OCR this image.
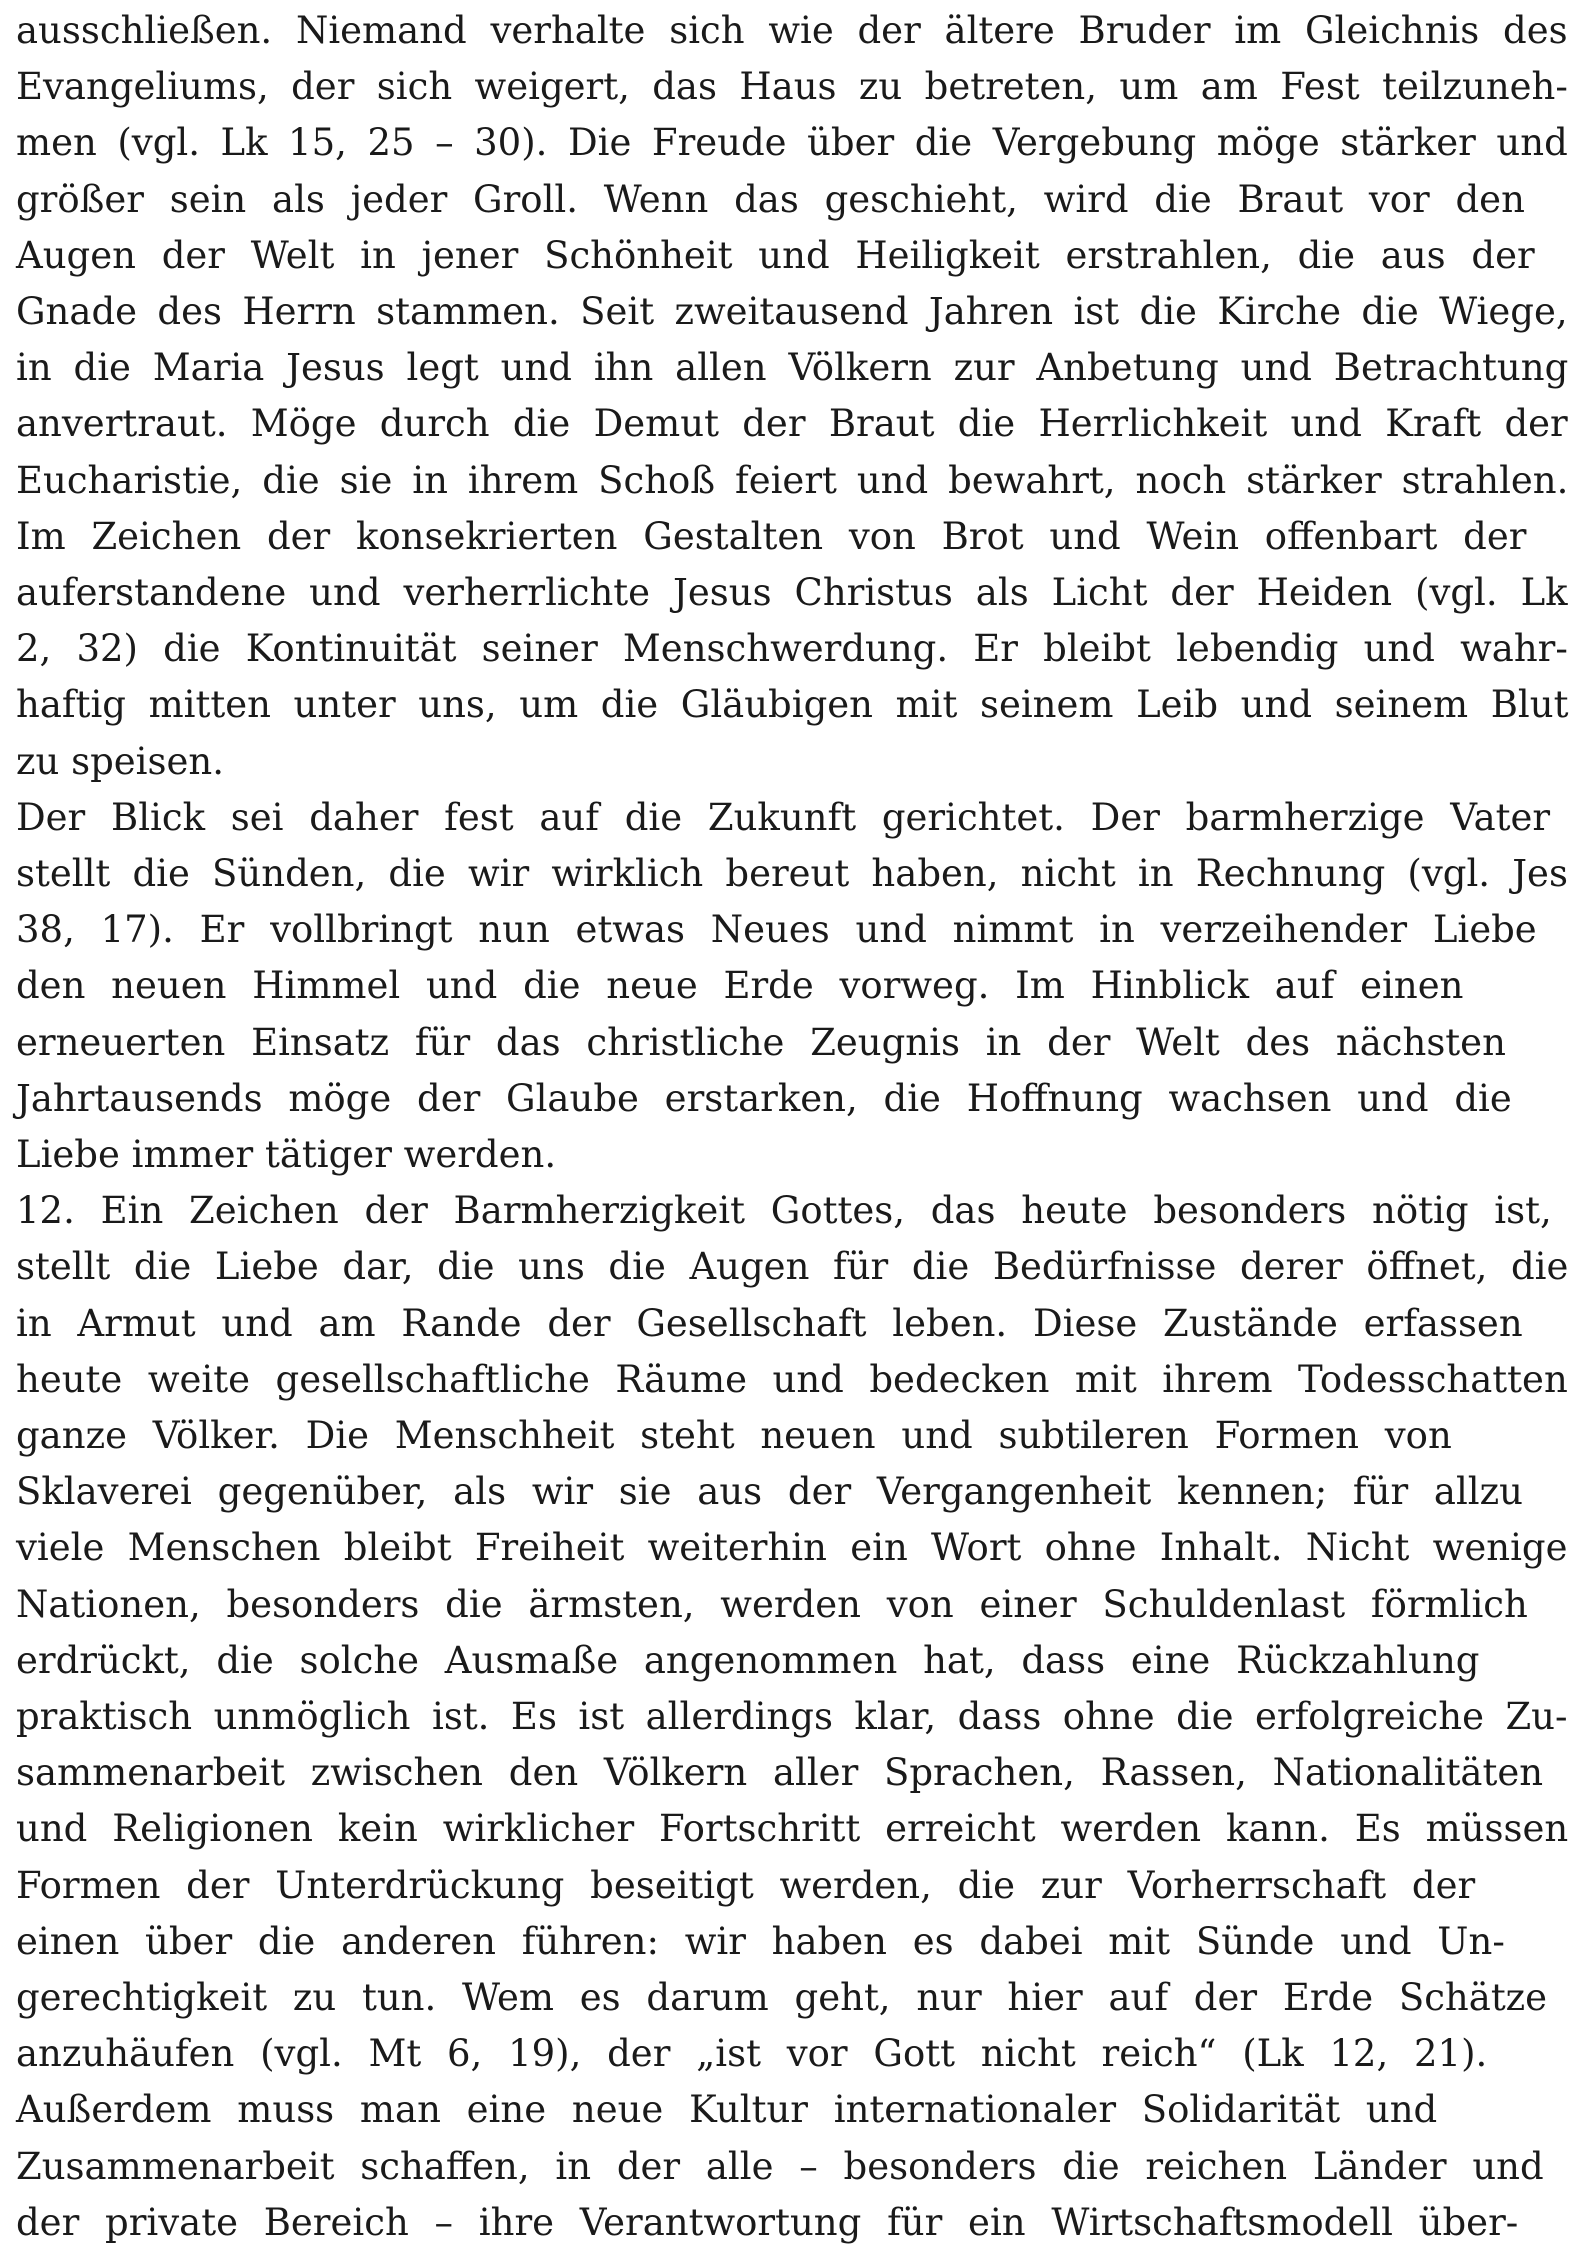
ausschließen. Niemand verhalte sich wie der ältere Bruder im Gleichnis des
Evangeliums, der sich weigert, das Haus zu betreten, um am Fest teilzuneh-
men (vgl. Lk 15, 25 – 30). Die Freude über die Vergebung möge stärker und
größer sein als jeder Groll. Wenn das geschieht, wird die Braut vor den
Augen der Welt in jener Schönheit und Heiligkeit erstrahlen, die aus der
Gnade des Herrn stammen. Seit zweitausend Jahren ist die Kirche die Wiege,
in die Maria Jesus legt und ihn allen Völkern zur Anbetung und Betrachtung
anvertraut. Möge durch die Demut der Braut die Herrlichkeit und Kraft der
Eucharistie, die sie in ihrem Schoß feiert und bewahrt, noch stärker strahlen.
Im Zeichen der konsekrierten Gestalten von Brot und Wein offenbart der
auferstandene und verherrlichte Jesus Christus als Licht der Heiden (vgl. Lk
2, 32) die Kontinuität seiner Menschwerdung. Er bleibt lebendig und wahr-
haftig mitten unter uns, um die Gläubigen mit seinem Leib und seinem Blut
zu speisen.
Der Blick sei daher fest auf die Zukunft gerichtet. Der barmherzige Vater
stellt die Sünden, die wir wirklich bereut haben, nicht in Rechnung (vgl. Jes
38, 17). Er vollbringt nun etwas Neues und nimmt in verzeihender Liebe
den neuen Himmel und die neue Erde vorweg. Im Hinblick auf einen
erneuerten Einsatz für das christliche Zeugnis in der Welt des nächsten
Jahrtausends möge der Glaube erstarken, die Hoffnung wachsen und die
Liebe immer tätiger werden.
12. Ein Zeichen der Barmherzigkeit Gottes, das heute besonders nötig ist,
stellt die Liebe dar, die uns die Augen für die Bedürfnisse derer öffnet, die
in Armut und am Rande der Gesellschaft leben. Diese Zustände erfassen
heute weite gesellschaftliche Räume und bedecken mit ihrem Todesschatten
ganze Völker. Die Menschheit steht neuen und subtileren Formen von
Sklaverei gegenüber, als wir sie aus der Vergangenheit kennen; für allzu
viele Menschen bleibt Freiheit weiterhin ein Wort ohne Inhalt. Nicht wenige
Nationen, besonders die ärmsten, werden von einer Schuldenlast förmlich
erdrückt, die solche Ausmaße angenommen hat, dass eine Rückzahlung
praktisch unmöglich ist. Es ist allerdings klar, dass ohne die erfolgreiche Zu-
sammenarbeit zwischen den Völkern aller Sprachen, Rassen, Nationalitäten
und Religionen kein wirklicher Fortschritt erreicht werden kann. Es müssen
Formen der Unterdrückung beseitigt werden, die zur Vorherrschaft der
einen über die anderen führen: wir haben es dabei mit Sünde und Un-
gerechtigkeit zu tun. Wem es darum geht, nur hier auf der Erde Schätze
anzuhäufen (vgl. Mt 6, 19), der „ist vor Gott nicht reich“ (Lk 12, 21).
Außerdem muss man eine neue Kultur internationaler Solidarität und
Zusammenarbeit schaffen, in der alle – besonders die reichen Länder und
der private Bereich – ihre Verantwortung für ein Wirtschaftsmodell über-
